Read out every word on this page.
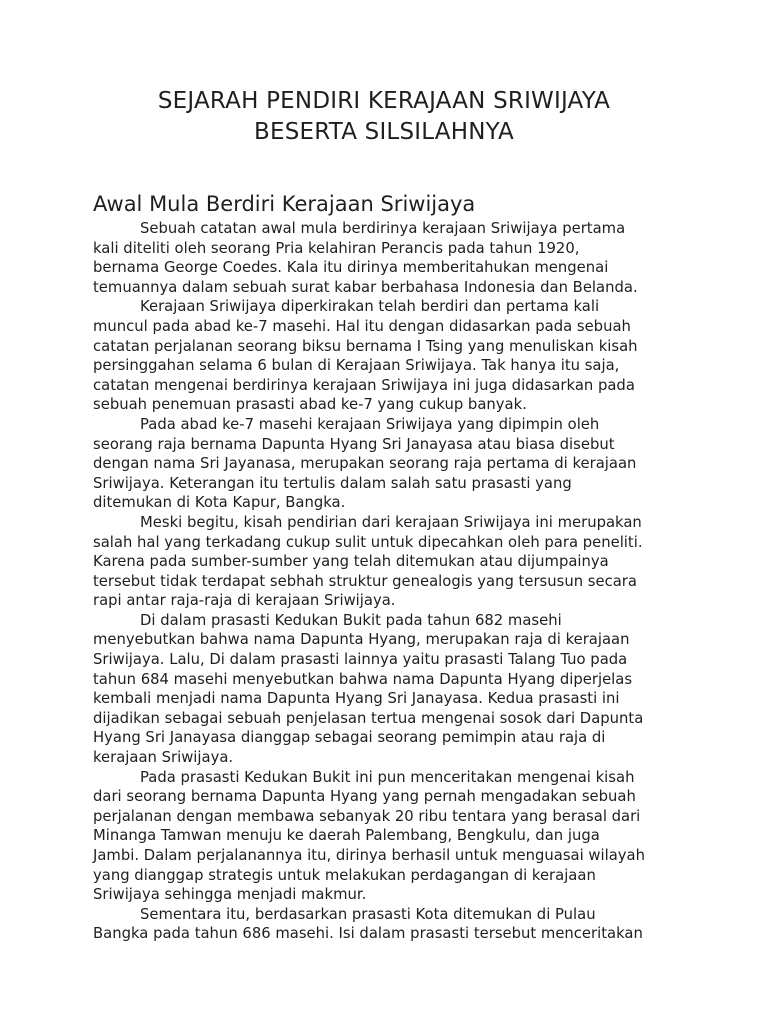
SEJARAH PENDIRI KERAJAAN SRIWIJAYA
BESERTA SILSILAHNYA
Awal Mula Berdiri Kerajaan Sriwijaya

Sebuah catatan awal mula berdirinya kerajaan Sriwijaya pertama
kali diteliti oleh seorang Pria kelahiran Perancis pada tahun 1920,
bernama George Coedes. Kala itu dirinya memberitahukan mengenai
temuannya dalam sebuah surat kabar berbahasa Indonesia dan Belanda.

Kerajaan Sriwijaya diperkirakan telah berdiri dan pertama kali
muncul pada abad ke-7 masehi. Hal itu dengan didasarkan pada sebuah
catatan perjalanan seorang biksu bernama I Tsing yang menuliskan kisah
persinggahan selama 6 bulan di Kerajaan Sriwijaya. Tak hanya itu saja,
catatan mengenai berdirinya kerajaan Sriwijaya ini juga didasarkan pada
sebuah penemuan prasasti abad ke-7 yang cukup banyak.

Pada abad ke-7 masehi kerajaan Sriwijaya yang dipimpin oleh
seorang raja bernama Dapunta Hyang Sri Janayasa atau biasa disebut
dengan nama Sri Jayanasa, merupakan seorang raja pertama di kerajaan
Sriwijaya. Keterangan itu tertulis dalam salah satu prasasti yang
ditemukan di Kota Kapur, Bangka.

Meski begitu, kisah pendirian dari kerajaan Sriwijaya ini merupakan
salah hal yang terkadang cukup sulit untuk dipecahkan oleh para peneliti.
Karena pada sumber-sumber yang telah ditemukan atau dijumpainya
tersebut tidak terdapat sebhah struktur genealogis yang tersusun secara
rapi antar raja-raja di kerajaan Sriwijaya.

Di dalam prasasti Kedukan Bukit pada tahun 682 masehi
menyebutkan bahwa nama Dapunta Hyang, merupakan raja di kerajaan
Sriwijaya. Lalu, Di dalam prasasti lainnya yaitu prasasti Talang Tuo pada
tahun 684 masehi menyebutkan bahwa nama Dapunta Hyang diperjelas
kembali menjadi nama Dapunta Hyang Sri Janayasa. Kedua prasasti ini
dijadikan sebagai sebuah penjelasan tertua mengenai sosok dari Dapunta
Hyang Sri Janayasa dianggap sebagai seorang pemimpin atau raja di
kerajaan Sriwijaya.

Pada prasasti Kedukan Bukit ini pun menceritakan mengenai kisah
dari seorang bernama Dapunta Hyang yang pernah mengadakan sebuah
perjalanan dengan membawa sebanyak 20 ribu tentara yang berasal dari
Minanga Tamwan menuju ke daerah Palembang, Bengkulu, dan juga
Jambi. Dalam perjalanannya itu, dirinya berhasil untuk menguasai wilayah
yang dianggap strategis untuk melakukan perdagangan di kerajaan
Sriwijaya sehingga menjadi makmur.

Sementara itu, berdasarkan prasasti Kota ditemukan di Pulau
Bangka pada tahun 686 masehi. Isi dalam prasasti tersebut menceritakan
